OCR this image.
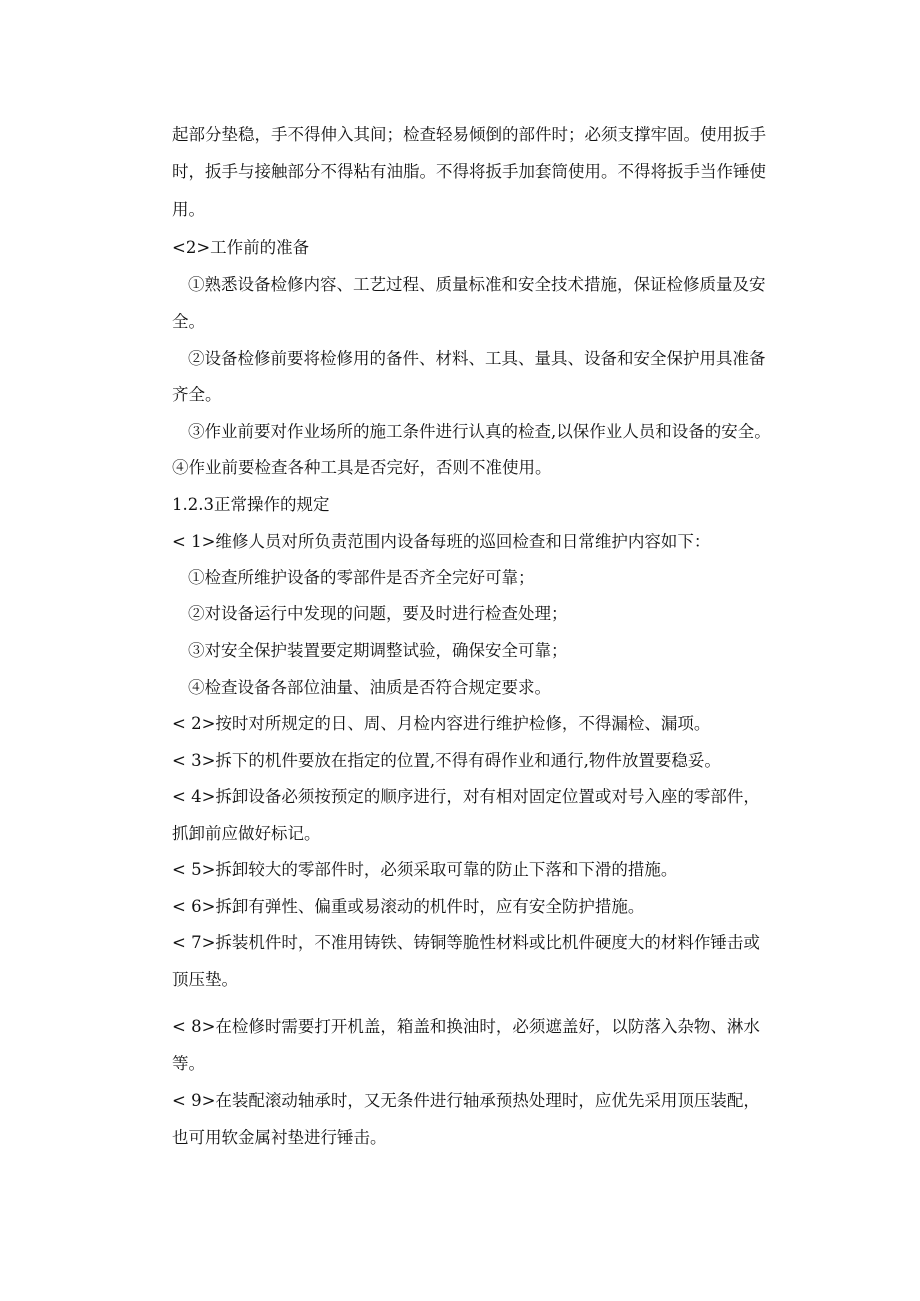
起部分垫稳，手不得伸入其间；检查轻易倾倒的部件时；必须支撑牢固。使用扳手
时，扳手与接触部分不得粘有油脂。不得将扳手加套筒使用。不得将扳手当作锤使
用。
<2>工作前的准备
①熟悉设备检修内容、工艺过程、质量标准和安全技术措施，保证检修质量及安
全。
②设备检修前要将检修用的备件、材料、工具、量具、设备和安全保护用具准备
齐全。
③作业前要对作业场所的施工条件进行认真的检查,以保作业人员和设备的安全。
④作业前要检查各种工具是否完好，否则不准使用。
1.2.3正常操作的规定
< 1>维修人员对所负责范围内设备每班的巡回检查和日常维护内容如下：
①检查所维护设备的零部件是否齐全完好可靠；
②对设备运行中发现的问题，要及时进行检查处理；
③对安全保护装置要定期调整试验，确保安全可靠；
④检查设备各部位油量、油质是否符合规定要求。
< 2>按时对所规定的日、周、月检内容进行维护检修，不得漏检、漏项。
< 3>拆下的机件要放在指定的位置,不得有碍作业和通行,物件放置要稳妥。
< 4>拆卸设备必须按预定的顺序进行，对有相对固定位置或对号入座的零部件，
抓卸前应做好标记。
< 5>拆卸较大的零部件时，必须采取可靠的防止下落和下滑的措施。
< 6>拆卸有弹性、偏重或易滚动的机件时，应有安全防护措施。
< 7>拆装机件时，不准用铸铁、铸铜等脆性材料或比机件硬度大的材料作锤击或
顶压垫。
< 8>在检修时需要打开机盖，箱盖和换油时，必须遮盖好，以防落入杂物、淋水
等。
< 9>在装配滚动轴承时，又无条件进行轴承预热处理时，应优先采用顶压装配，
也可用软金属衬垫进行锤击。
